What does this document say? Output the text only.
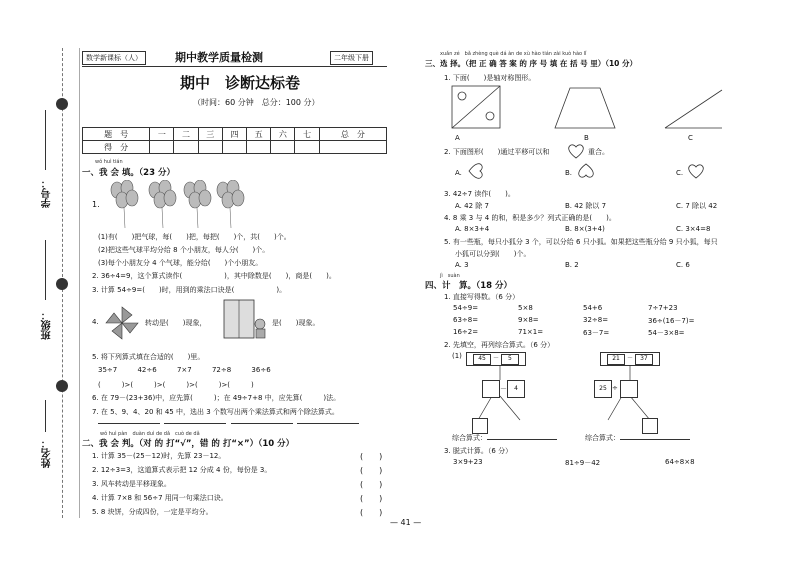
学号：
班级：
姓名：
数学新课标（人）	期中教学质量检测	二年级下册
期中　诊断达标卷
（时间：60 分钟　总分：100 分）
题　号	一	二	三	四	五	六	七	总　分
得　分								
wǒ huì tián
一、我 会 填。（23 分）
1.
(1)有(　　)把气球，每(　　)把，每把(　　)个，共(　　)个。
(2)把这些气球平均分给 8 个小朋友，每人分(　　)个。
(3)每个小朋友分 4 个气球，能分给(　　)个小朋友。
2. 36÷4=9，这个算式读作(　　　　　　)，其中除数是(　　)，商是(　　)。
3. 计算 54÷9=(　　)时，用到的乘法口诀是(　　　　　　)。
4.	转动是(　　)现象，	是(　　)现象。
5. 将下列算式填在合适的(　　)里。
35÷7	42÷6	7×7	72÷8	36÷6
(　　　)>(　　　)>(　　　)>(　　　)>(　　　)
6. 在 79－(23+36)中，应先算(　　　)；在 49÷7+8 中，应先算(　　　)法。
7. 在 5、9、4、20 和 45 中，选出 3 个数写出两个乘法算式和两个除法算式。

wǒ huì pàn　duàn duì de dǎ　cuò de dǎ
二、我 会 判。（对 的 打“√”，错 的 打“×”）（10 分）
1. 计算 35－(25－12)时，先算 23－12。	(　　)
2. 12÷3=3，这道算式表示把 12 分成 4 份，每份是 3。	(　　)
3. 风车转动是平移现象。	(　　)
4. 计算 7×8 和 56÷7 用同一句乘法口诀。	(　　)
5. 8 块饼，分成四份，一定是平均分。	(　　)
xuǎn zé　bǎ zhèng què dá àn de xù hào tián zài kuò hào lǐ
三、选 择。（把 正 确 答 案 的 序 号 填 在 括 号 里）（10 分）
1. 下面(　　)是轴对称图形。
A	B	C
2. 下面图形(　　)通过平移可以和	重合。
A.	B.	C.
3. 42÷7 读作(　　)。
A. 42 除 7	B. 42 除以 7	C. 7 除以 42
4. 8 乘 3 与 4 的和，积是多少？列式正确的是(　　)。
A. 8×3+4	B. 8×(3+4)	C. 3×4=8
5. 有一些瓶，每只小狐分 3 个，可以分给 6 只小狐。如果把这些瓶分给 9 只小狐，每只
小狐可以分到(　　)个。
A. 3	B. 2	C. 6
jì　suàn
四、计　算。（18 分）
1. 直接写得数。（6 分）
54÷9=	5×8	54+6	7÷7+23
63÷8=	9×8=	32÷8=	36÷(16－7)=
16÷2=	71×1=	63－7=	54－3×8=
2. 先填空，再列综合算式。（6 分）
(1)	45 － 5
－	4
21 － 37
25 ÷
综合算式：	综合算式：
3. 脱式计算。（6 分）
3×9+23	81÷9－42	64÷8×8
— 41 —
